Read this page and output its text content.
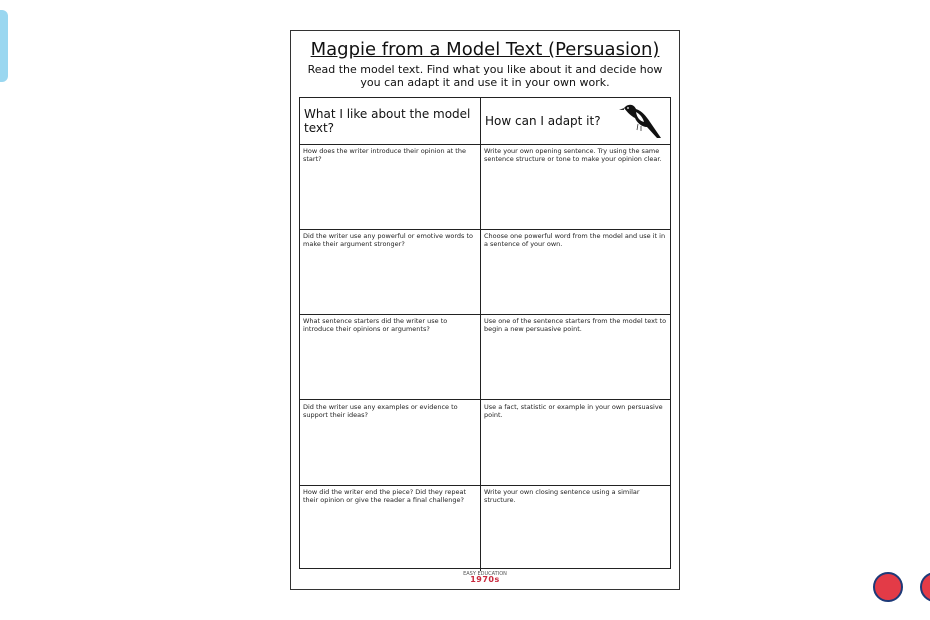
Magpie from a Model Text (Persuasion)
Read the model text. Find what you like about it and decide how you can adapt it and use it in your own work.
What I like about the model text?	How can I adapt it?
How does the writer introduce their opinion at the start?
Write your own opening sentence. Try using the same sentence structure or tone to make your opinion clear.
Did the writer use any powerful or emotive words to make their argument stronger?
Choose one powerful word from the model and use it in a sentence of your own.
What sentence starters did the writer use to introduce their opinions or arguments?
Use one of the sentence starters from the model text to begin a new persuasive point.
Did the writer use any examples or evidence to support their ideas?
Use a fact, statistic or example in your own persuasive point.
How did the writer end the piece? Did they repeat their opinion or give the reader a final challenge?
Write your own closing sentence using a similar structure.
EASY EDUCATION
1970s
